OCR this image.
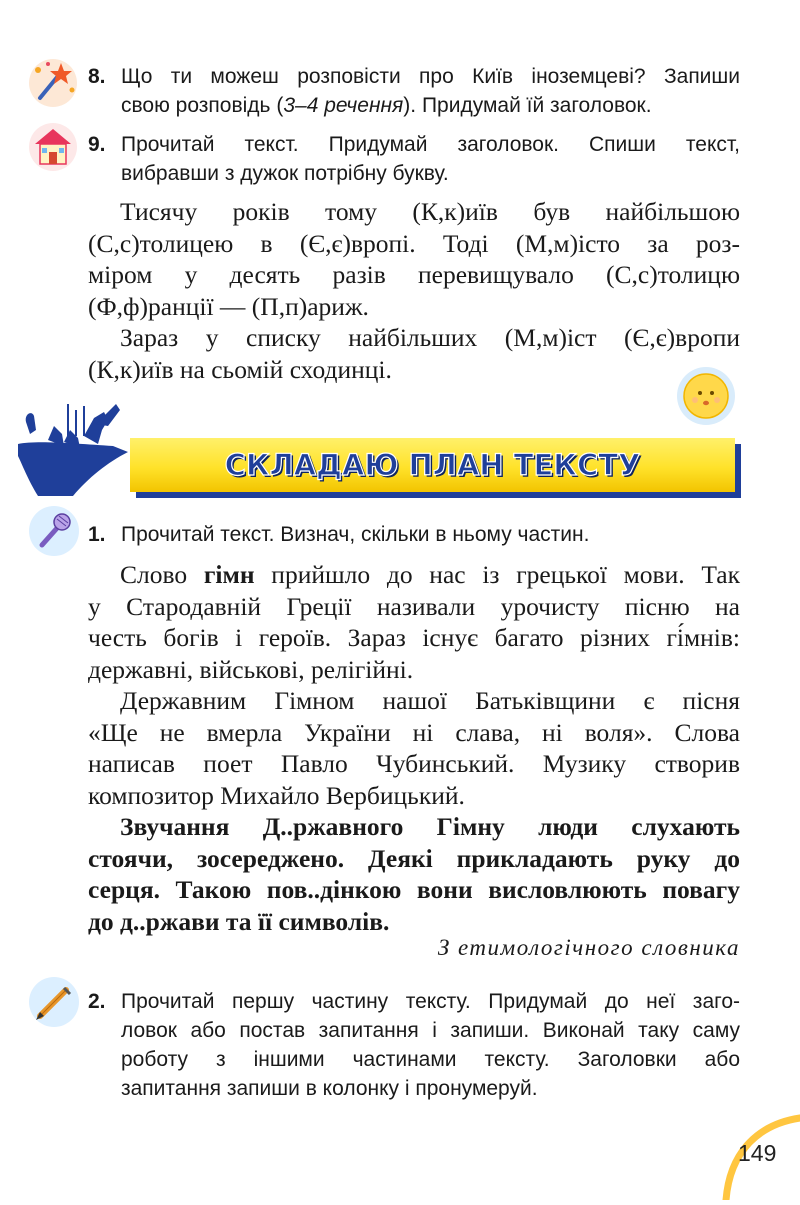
8. Що ти можеш розповісти про Київ іноземцеві? Запиши
свою розповідь (3–4 речення). Придумай їй заголовок.
9. Прочитай текст. Придумай заголовок. Спиши текст,
вибравши з дужок потрібну букву.
Тисячу років тому (К,к)иїв був найбільшою
(С,с)толицею в (Є,є)вропі. Тоді (М,м)істо за роз-
міром у десять разів перевищувало (С,с)толицю
(Ф,ф)ранції — (П,п)ариж.
Зараз у списку найбільших (М,м)іст (Є,є)вропи
(К,к)иїв на сьомій сходинці.
СКЛАДАЮ ПЛАН ТЕКСТУ
1. Прочитай текст. Визнач, скільки в ньому частин.
Слово гімн прийшло до нас із грецької мови. Так
у Стародавній Греції називали урочисту пісню на
честь богів і героїв. Зараз існує багато різних гі́мнів:
державні, військові, релігійні.
Державним Гімном нашої Батьківщини є пісня
«Ще не вмерла України ні слава, ні воля». Слова
написав поет Павло Чубинський. Музику створив
композитор Михайло Вербицький.
Звучання Д..ржавного Гімну люди слухають
стоячи, зосереджено. Деякі прикладають руку до
серця. Такою пов..дінкою вони висловлюють повагу
до д..ржави та її символів.
З етимологічного словника
2. Прочитай першу частину тексту. Придумай до неї заго-
ловок або постав запитання і запиши. Виконай таку саму
роботу з іншими частинами тексту. Заголовки або
запитання запиши в колонку і пронумеруй.
149
